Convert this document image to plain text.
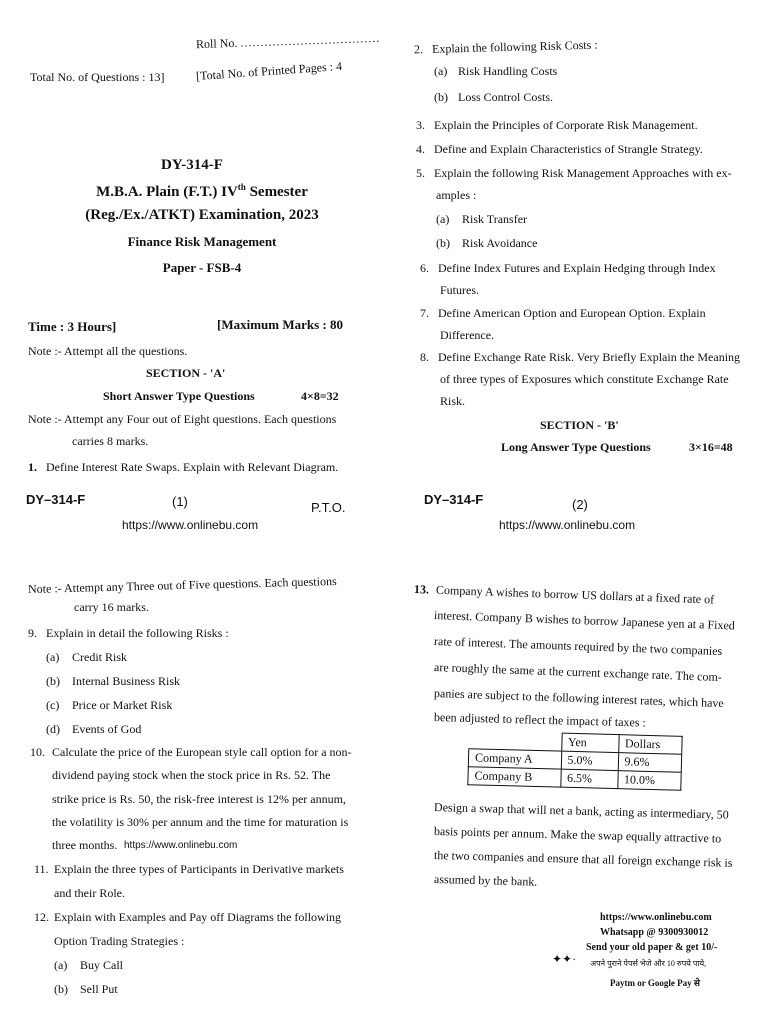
Roll No. ...................................
Total No. of Questions : 13]	[Total No. of Printed Pages : 4
DY-314-F
M.B.A. Plain (F.T.) IVth Semester
(Reg./Ex./ATKT) Examination, 2023
Finance Risk Management
Paper - FSB-4
Time : 3 Hours]	[Maximum Marks : 80
Note :- Attempt all the questions.
SECTION - 'A'
Short Answer Type Questions	4×8=32
Note :- Attempt any Four out of Eight questions. Each questions
carries 8 marks.
1. Define Interest Rate Swaps. Explain with Relevant Diagram.
DY–314-F	(1)	P.T.O.
https://www.onlinebu.com
2. Explain the following Risk Costs :
(a) Risk Handling Costs
(b) Loss Control Costs.
3. Explain the Principles of Corporate Risk Management.
4. Define and Explain Characteristics of Strangle Strategy.
5. Explain the following Risk Management Approaches with ex-
amples :
(a) Risk Transfer
(b) Risk Avoidance
6. Define Index Futures and Explain Hedging through Index
Futures.
7. Define American Option and European Option. Explain
Difference.
8. Define Exchange Rate Risk. Very Briefly Explain the Meaning
of three types of Exposures which constitute Exchange Rate
Risk.
SECTION - 'B'
Long Answer Type Questions	3×16=48
DY–314-F	(2)
https://www.onlinebu.com
Note :- Attempt any Three out of Five questions. Each questions
carry 16 marks.
9. Explain in detail the following Risks :
(a) Credit Risk
(b) Internal Business Risk
(c) Price or Market Risk
(d) Events of God
10. Calculate the price of the European style call option for a non-
dividend paying stock when the stock price in Rs. 52. The
strike price is Rs. 50, the risk-free interest is 12% per annum,
the volatility is 30% per annum and the time for maturation is
three months. https://www.onlinebu.com
11. Explain the three types of Participants in Derivative markets
and their Role.
12. Explain with Examples and Pay off Diagrams the following
Option Trading Strategies :
(a) Buy Call
(b) Sell Put
13. Company A wishes to borrow US dollars at a fixed rate of
interest. Company B wishes to borrow Japanese yen at a Fixed
rate of interest. The amounts required by the two companies
are roughly the same at the current exchange rate. The com-
panies are subject to the following interest rates, which have
been adjusted to reflect the impact of taxes :
	Yen	Dollars
Company A	5.0%	9.6%
Company B	6.5%	10.0%
Design a swap that will net a bank, acting as intermediary, 50
basis points per annum. Make the swap equally attractive to
the two companies and ensure that all foreign exchange risk is
assumed by the bank.
https://www.onlinebu.com
Whatsapp @ 9300930012
Send your old paper & get 10/-
✦✦· अपने पुराने पेपर्स भेजे और 10 रुपये पाये,
Paytm or Google Pay से
